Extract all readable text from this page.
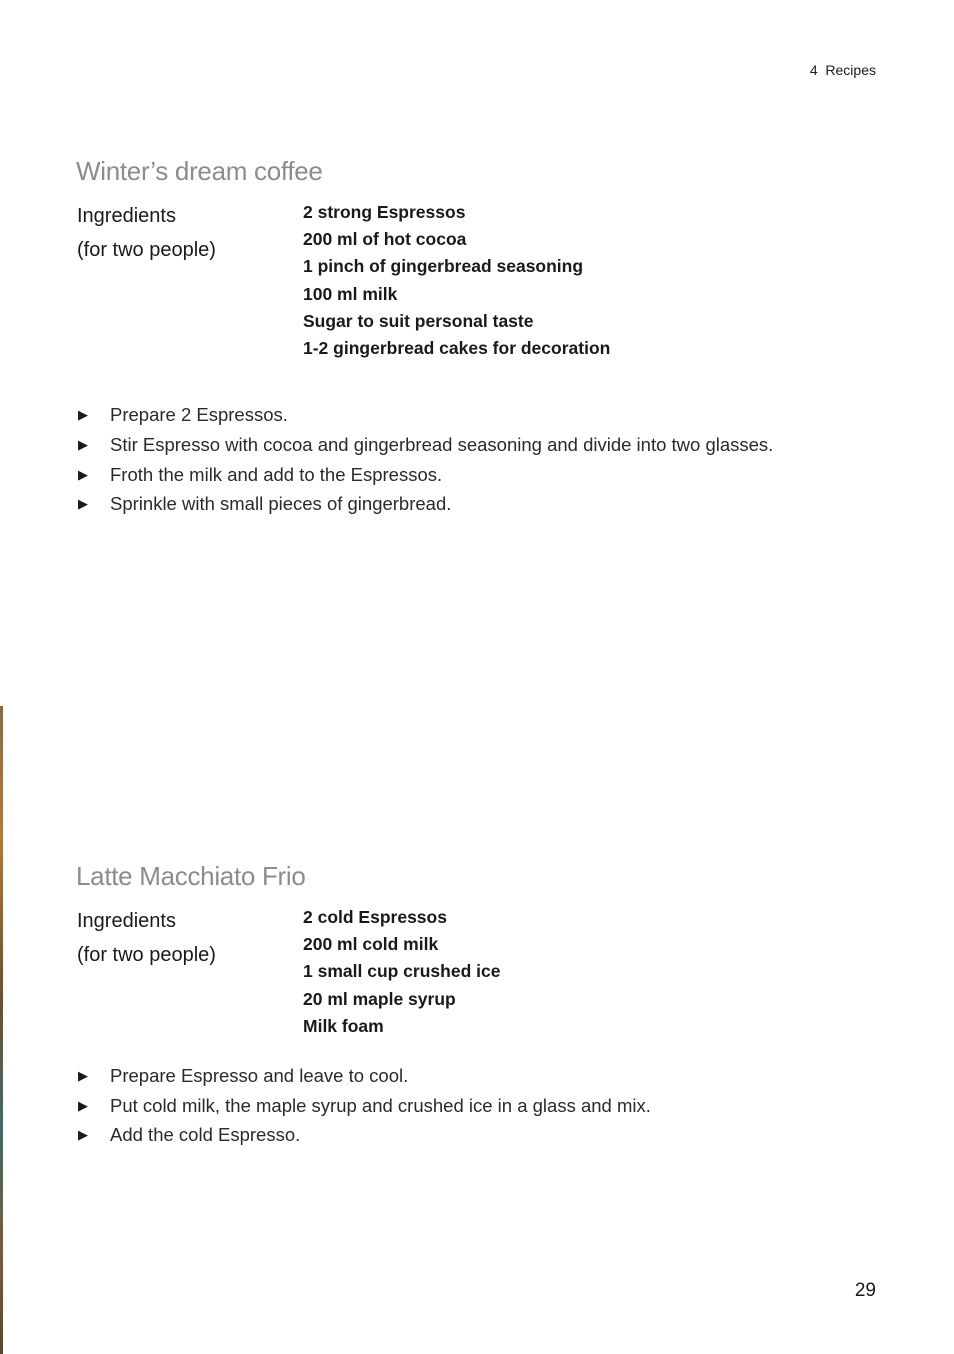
4  Recipes
Winter’s dream coffee
Ingredients
(for two people)
2 strong Espressos
200 ml of hot cocoa
1 pinch of gingerbread seasoning
100 ml milk
Sugar to suit personal taste
1-2 gingerbread cakes for decoration
▶ Prepare 2 Espressos.
▶ Stir Espresso with cocoa and gingerbread seasoning and divide into two glasses.
▶ Froth the milk and add to the Espressos.
▶ Sprinkle with small pieces of gingerbread.
Latte Macchiato Frio
Ingredients
(for two people)
2 cold Espressos
200 ml cold milk
1 small cup crushed ice
20 ml maple syrup
Milk foam
▶ Prepare Espresso and leave to cool.
▶ Put cold milk, the maple syrup and crushed ice in a glass and mix.
▶ Add the cold Espresso.
29
